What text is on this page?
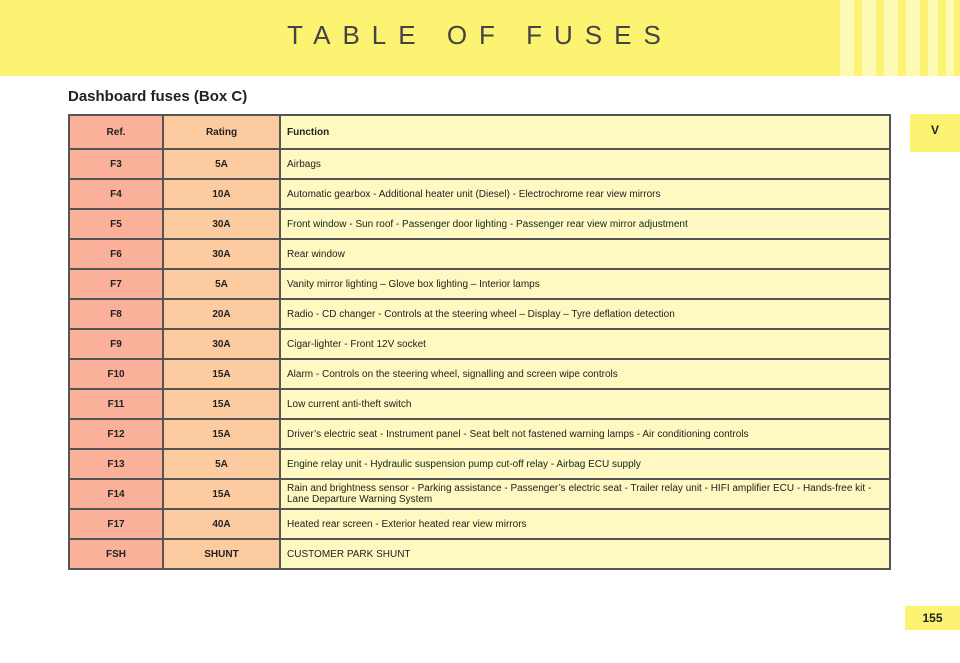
TABLE OF FUSES
Dashboard fuses (Box C)
V
Ref.	Rating	Function
F3	5A	Airbags
F4	10A	Automatic gearbox - Additional heater unit (Diesel) - Electrochrome rear view mirrors
F5	30A	Front window - Sun roof - Passenger door lighting - Passenger rear view mirror adjustment
F6	30A	Rear window
F7	5A	Vanity mirror lighting – Glove box lighting – Interior lamps
F8	20A	Radio - CD changer - Controls at the steering wheel – Display – Tyre deflation detection
F9	30A	Cigar-lighter - Front 12V socket
F10	15A	Alarm - Controls on the steering wheel, signalling and screen wipe controls
F11	15A	Low current anti-theft switch
F12	15A	Driver’s electric seat - Instrument panel - Seat belt not fastened warning lamps - Air conditioning controls
F13	5A	Engine relay unit - Hydraulic suspension pump cut-off relay - Airbag ECU supply
F14	15A	Rain and brightness sensor - Parking assistance - Passenger’s electric seat - Trailer relay unit - HIFI amplifier ECU - Hands-free kit - Lane Departure Warning System
F17	40A	Heated rear screen - Exterior heated rear view mirrors
FSH	SHUNT	CUSTOMER PARK SHUNT
155
